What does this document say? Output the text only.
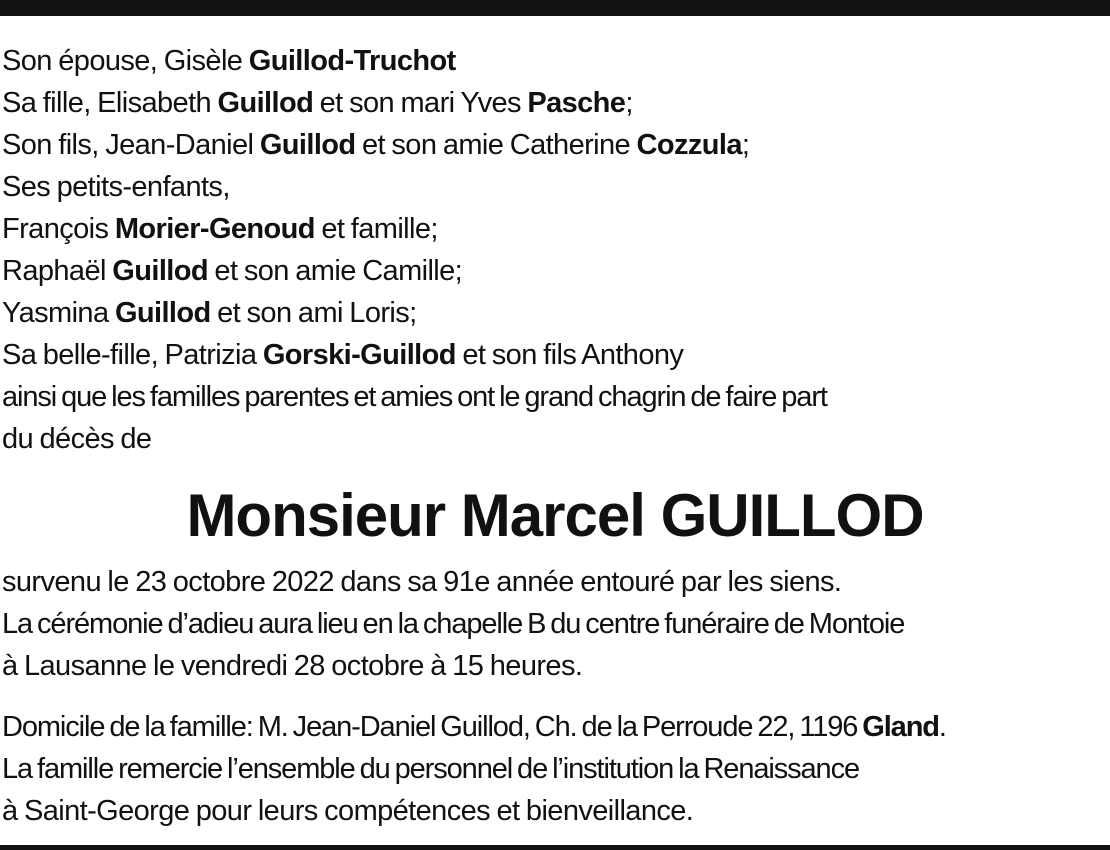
Son épouse, Gisèle Guillod-Truchot
Sa fille, Elisabeth Guillod et son mari Yves Pasche;
Son fils, Jean-Daniel Guillod et son amie Catherine Cozzula;
Ses petits-enfants,
François Morier-Genoud et famille;
Raphaël Guillod et son amie Camille;
Yasmina Guillod et son ami Loris;
Sa belle-fille, Patrizia Gorski-Guillod et son fils Anthony
ainsi que les familles parentes et amies ont le grand chagrin de faire part
du décès de
Monsieur Marcel GUILLOD
survenu le 23 octobre 2022 dans sa 91e année entouré par les siens.
La cérémonie d’adieu aura lieu en la chapelle B du centre funéraire de Montoie
à Lausanne le vendredi 28 octobre à 15 heures.
Domicile de la famille: M. Jean-Daniel Guillod, Ch. de la Perroude 22, 1196 Gland.
La famille remercie l’ensemble du personnel de l’institution la Renaissance
à Saint-George pour leurs compétences et bienveillance.
